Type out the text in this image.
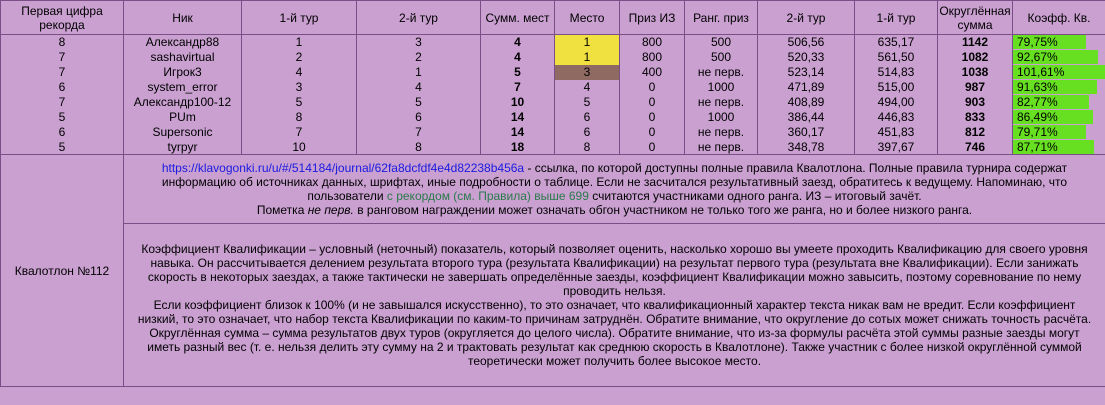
Первая цифра рекорда	Ник	1-й тур	2-й тур	Сумм. мест	Место	Приз ИЗ	Ранг. приз	2-й тур	1-й тур	Округлённая сумма	Коэфф. Кв.
8	Александр88	1	3	4	1	800	500	506,56	635,17	1142	79,75%

7	sashavirtual	2	2	4	1	800	500	520,33	561,50	1082	92,67%

7	Игрок3	4	1	5	3	400	не перв.	523,14	514,83	1038	101,61%

6	system_error	3	4	7	4	0	1000	471,89	515,00	987	91,63%

7	Александр100-12	5	5	10	5	0	не перв.	408,89	494,00	903	82,77%

5	PUm	8	6	14	6	0	1000	386,44	446,83	833	86,49%

6	Supersonic	7	7	14	6	0	не перв.	360,17	451,83	812	79,71%

5	tyrpyr	10	8	18	8	0	не перв.	348,78	397,67	746	87,71%

Квалотлон №112	https://klavogonki.ru/u/#/514184/journal/62fa8dcfdf4e4d82238b456a - ссылка, по которой доступны полные правила Квалотлона. Полные правила турнира содержат информацию об источниках данных, шрифтах, иные подробности о таблице. Если не засчитался результативный заезд, обратитесь к ведущему. Напоминаю, что пользователи с рекордом (см. Правила) выше 699 считаются участниками одного ранга. ИЗ – итоговый зачёт.
Пометка не перв. в ранговом награждении может означать обгон участником не только того же ранга, но и более низкого ранга.										

	Коэффициент Квалификации – условный (неточный) показатель, который позволяет оценить, насколько хорошо вы умеете проходить Квалификацию для своего уровня навыка. Он рассчитывается делением результата второго тура (результата Квалификации) на результат первого тура (результата вне Квалификации). Если занижать скорость в некоторых заездах, а также тактически не завершать определённые заезды, коэффициент Квалификации можно завысить, поэтому соревнование по нему проводить нельзя.
Если коэффициент близок к 100% (и не завышался искусственно), то это означает, что квалификационный характер текста никак вам не вредит. Если коэффициент низкий, то это означает, что набор текста Квалификации по каким-то причинам затруднён. Обратите внимание, что округление до сотых может снижать точность расчёта.
Округлённая сумма – сумма результатов двух туров (округляется до целого числа). Обратите внимание, что из-за формулы расчёта этой суммы разные заезды могут иметь разный вес (т. е. нельзя делить эту сумму на 2 и трактовать результат как среднюю скорость в Квалотлоне). Также участник с более низкой округлённой суммой теоретически может получить более высокое место.										
